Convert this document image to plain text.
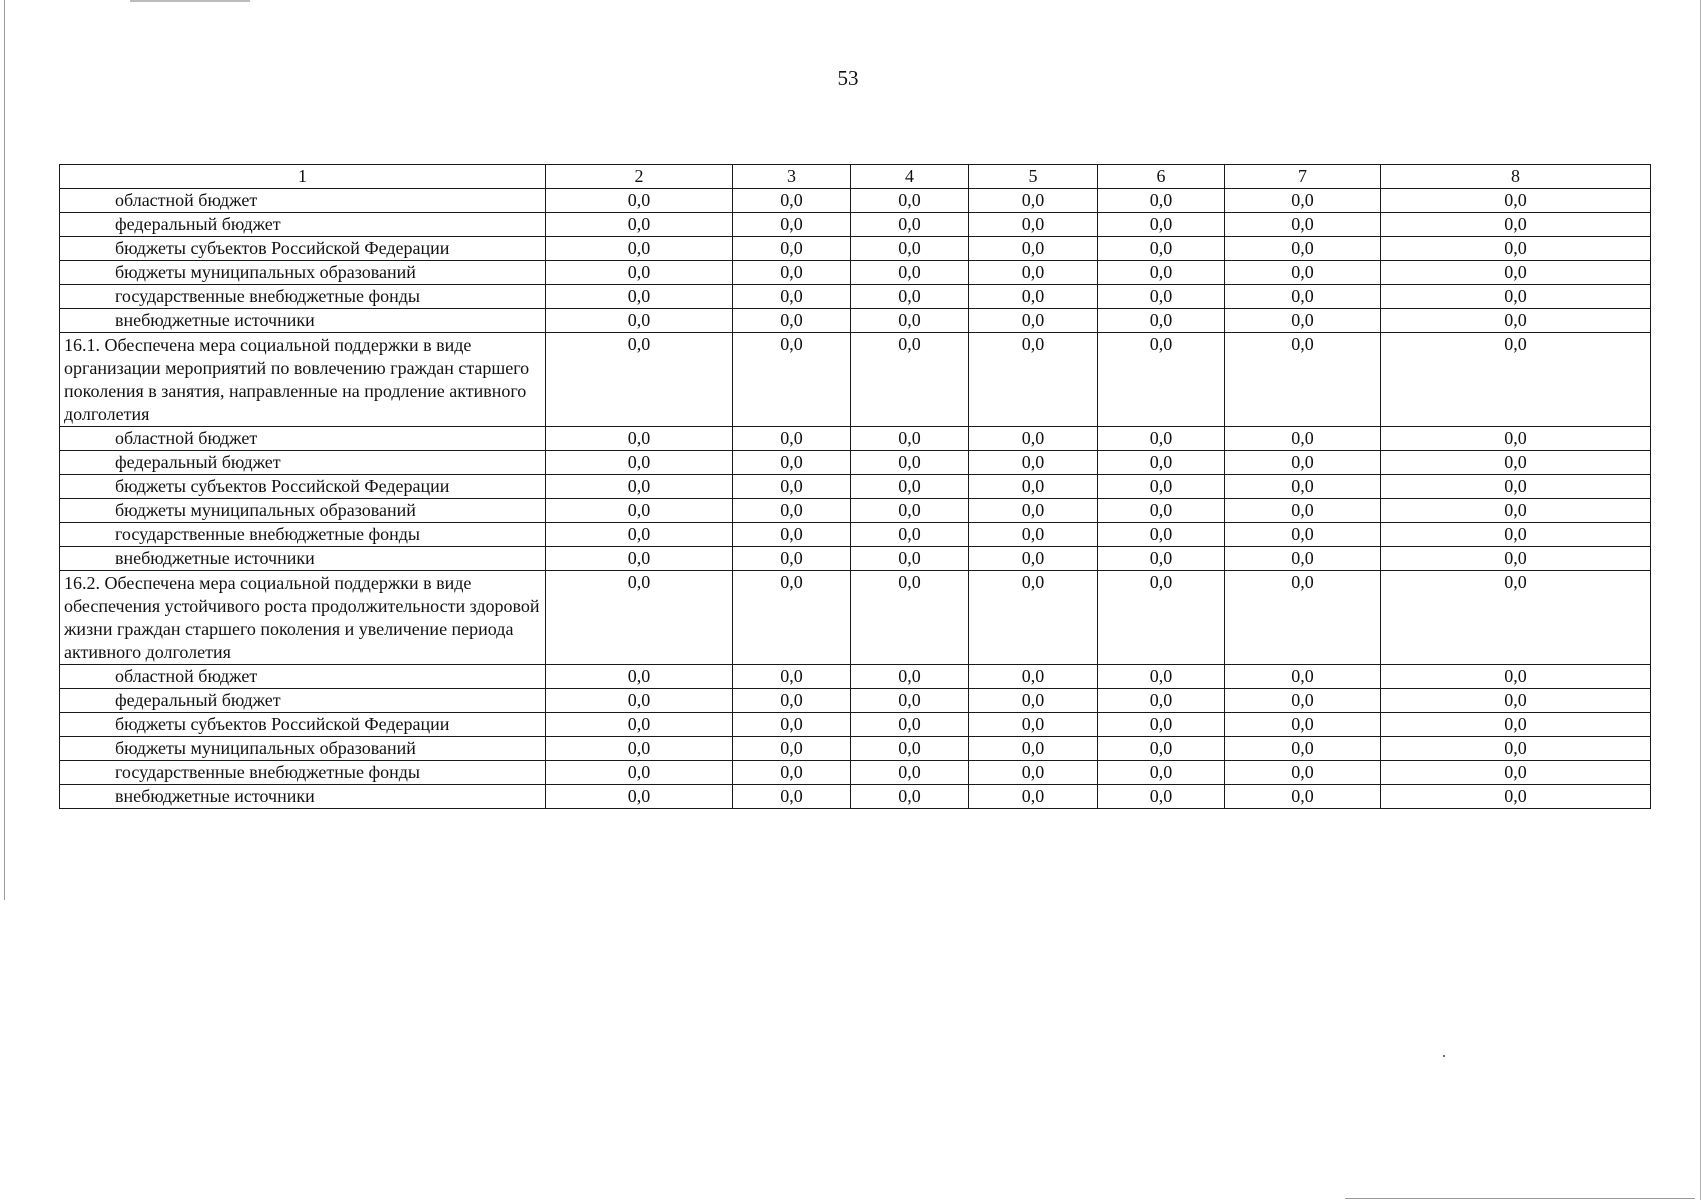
53
1	2	3	4	5	6	7	8
областной бюджет	0,0	0,0	0,0	0,0	0,0	0,0	0,0
федеральный бюджет	0,0	0,0	0,0	0,0	0,0	0,0	0,0
бюджеты субъектов Российской Федерации	0,0	0,0	0,0	0,0	0,0	0,0	0,0
бюджеты муниципальных образований	0,0	0,0	0,0	0,0	0,0	0,0	0,0
государственные внебюджетные фонды	0,0	0,0	0,0	0,0	0,0	0,0	0,0
внебюджетные источники	0,0	0,0	0,0	0,0	0,0	0,0	0,0
16.1. Обеспечена мера социальной поддержки в виде организации мероприятий по вовлечению граждан старшего поколения в занятия, направленные на продление активного долголетия	0,0	0,0	0,0	0,0	0,0	0,0	0,0
областной бюджет	0,0	0,0	0,0	0,0	0,0	0,0	0,0
федеральный бюджет	0,0	0,0	0,0	0,0	0,0	0,0	0,0
бюджеты субъектов Российской Федерации	0,0	0,0	0,0	0,0	0,0	0,0	0,0
бюджеты муниципальных образований	0,0	0,0	0,0	0,0	0,0	0,0	0,0
государственные внебюджетные фонды	0,0	0,0	0,0	0,0	0,0	0,0	0,0
внебюджетные источники	0,0	0,0	0,0	0,0	0,0	0,0	0,0
16.2. Обеспечена мера социальной поддержки в виде обеспечения устойчивого роста продолжительности здоровой жизни граждан старшего поколения и увеличение периода активного долголетия	0,0	0,0	0,0	0,0	0,0	0,0	0,0
областной бюджет	0,0	0,0	0,0	0,0	0,0	0,0	0,0
федеральный бюджет	0,0	0,0	0,0	0,0	0,0	0,0	0,0
бюджеты субъектов Российской Федерации	0,0	0,0	0,0	0,0	0,0	0,0	0,0
бюджеты муниципальных образований	0,0	0,0	0,0	0,0	0,0	0,0	0,0
государственные внебюджетные фонды	0,0	0,0	0,0	0,0	0,0	0,0	0,0
внебюджетные источники	0,0	0,0	0,0	0,0	0,0	0,0	0,0
